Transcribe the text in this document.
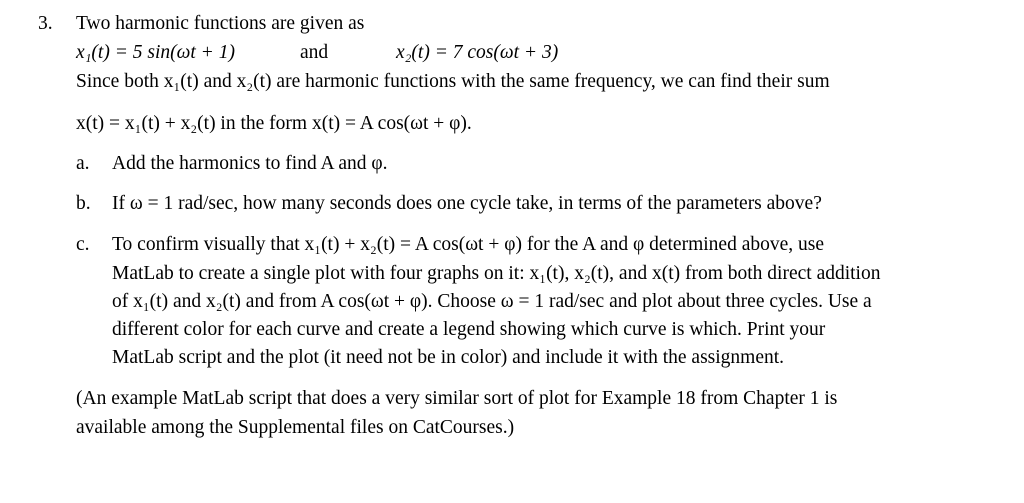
3. Two harmonic functions are given as
x₁(t) = 5 sin(ωt + 1)	and	x₂(t) = 7 cos(ωt + 3)
Since both x₁(t) and x₂(t) are harmonic functions with the same frequency, we can find their sum
x(t) = x₁(t) + x₂(t) in the form x(t) = A cos(ωt + φ).
a. Add the harmonics to find A and φ.
b. If ω = 1 rad/sec, how many seconds does one cycle take, in terms of the parameters above?
c. To confirm visually that x₁(t) + x₂(t) = A cos(ωt + φ) for the A and φ determined above, use
MatLab to create a single plot with four graphs on it: x₁(t), x₂(t), and x(t) from both direct addition
of x₁(t) and x₂(t) and from A cos(ωt + φ). Choose ω = 1 rad/sec and plot about three cycles. Use a
different color for each curve and create a legend showing which curve is which. Print your
MatLab script and the plot (it need not be in color) and include it with the assignment.
(An example MatLab script that does a very similar sort of plot for Example 18 from Chapter 1 is
available among the Supplemental files on CatCourses.)
